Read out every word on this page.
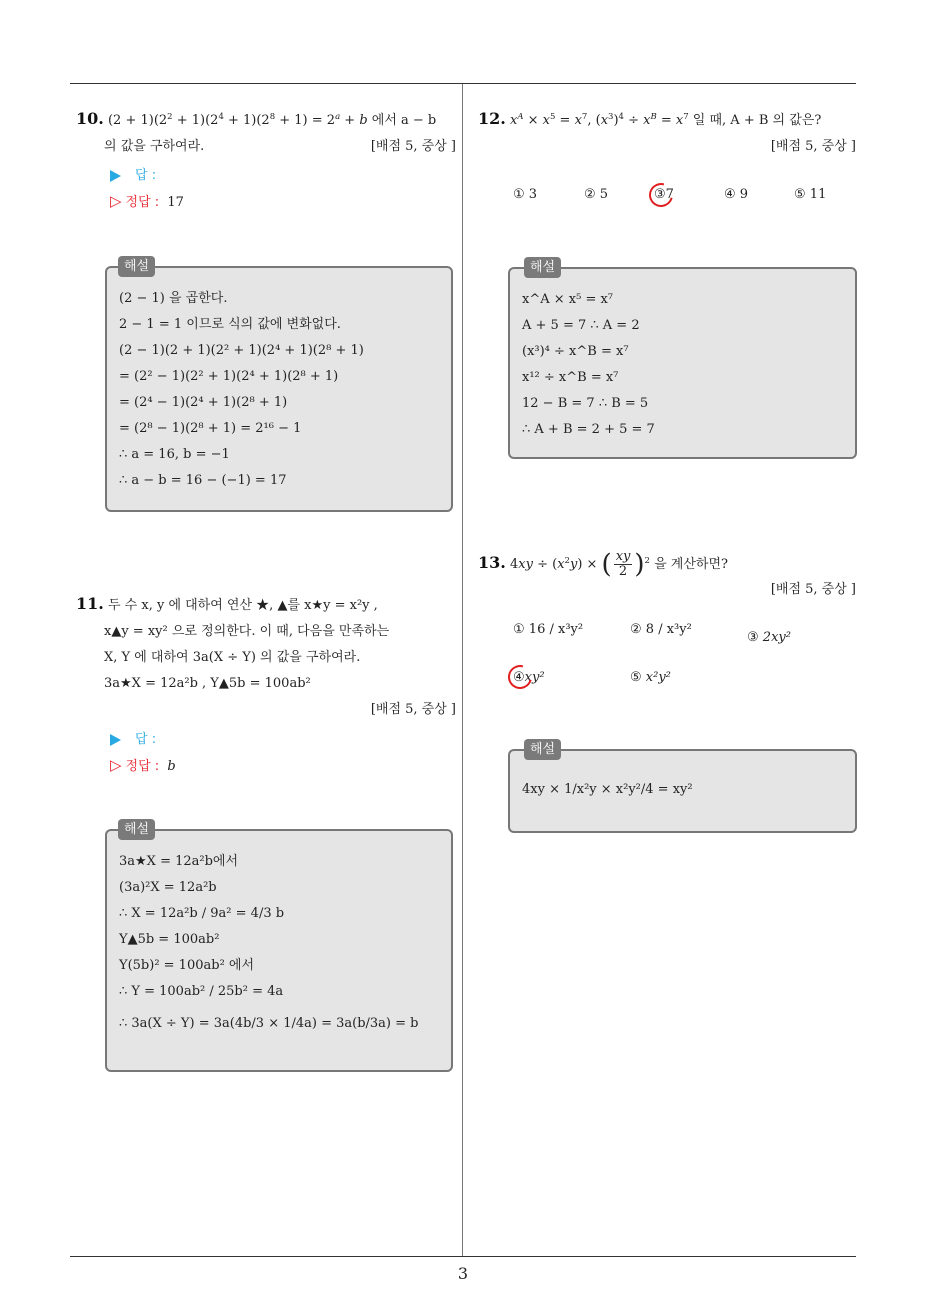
10. $(2 + 1)(2^2 + 1)(2^4 + 1)(2^8 + 1) = 2^a + b$ 에서 a − b
의 값을 구하여라.	[배점 5, 중상 ]
답 :
▷ 정답 : 17
(2 − 1) 을 곱한다.
2 − 1 = 1 이므로 식의 값에 변화없다.
(2 − 1)(2 + 1)(2² + 1)(2⁴ + 1)(2⁸ + 1)
= (2² − 1)(2² + 1)(2⁴ + 1)(2⁸ + 1)
= (2⁴ − 1)(2⁴ + 1)(2⁸ + 1)
= (2⁸ − 1)(2⁸ + 1) = 2¹⁶ − 1
∴ a = 16, b = −1
∴ a − b = 16 − (−1) = 17
해설
11. 두 수 x, y 에 대하여 연산 ★, ▲를 x★y = x²y ,
x▲y = xy² 으로 정의한다. 이 때, 다음을 만족하는
X, Y 에 대하여 3a(X ÷ Y) 의 값을 구하여라.
3a★X = 12a²b , Y▲5b = 100ab²
[배점 5, 중상 ]
답 :
▷ 정답 : b
3a★X = 12a²b에서
(3a)²X = 12a²b
∴ X = 12a²b / 9a² = 4/3 b
Y▲5b = 100ab²
Y(5b)² = 100ab² 에서
∴ Y = 100ab² / 25b² = 4a
∴ 3a(X ÷ Y) = 3a(4b/3 × 1/4a) = 3a(b/3a) = b
해설
12. $x^A \times x^5 = x^7$, $(x^3)^4 \div x^B = x^7$ 일 때, A + B 의 값은?
[배점 5, 중상 ]
① 3	② 5	③7	④ 9	⑤ 11
x^A × x⁵ = x⁷
A + 5 = 7 ∴ A = 2
(x³)⁴ ÷ x^B = x⁷
x¹² ÷ x^B = x⁷
12 − B = 7 ∴ B = 5
∴ A + B = 2 + 5 = 7
해설
13. $4xy \div (x^2y)$ × ( $\frac{xy}{2} )^2$ 을 계산하면?
[배점 5, 중상 ]
① 16 / x³y²	② 8 / x³y²
③ 2xy²
④xy²	⑤ x²y²
4xy × 1/x²y × x²y²/4 = xy²
해설
3
